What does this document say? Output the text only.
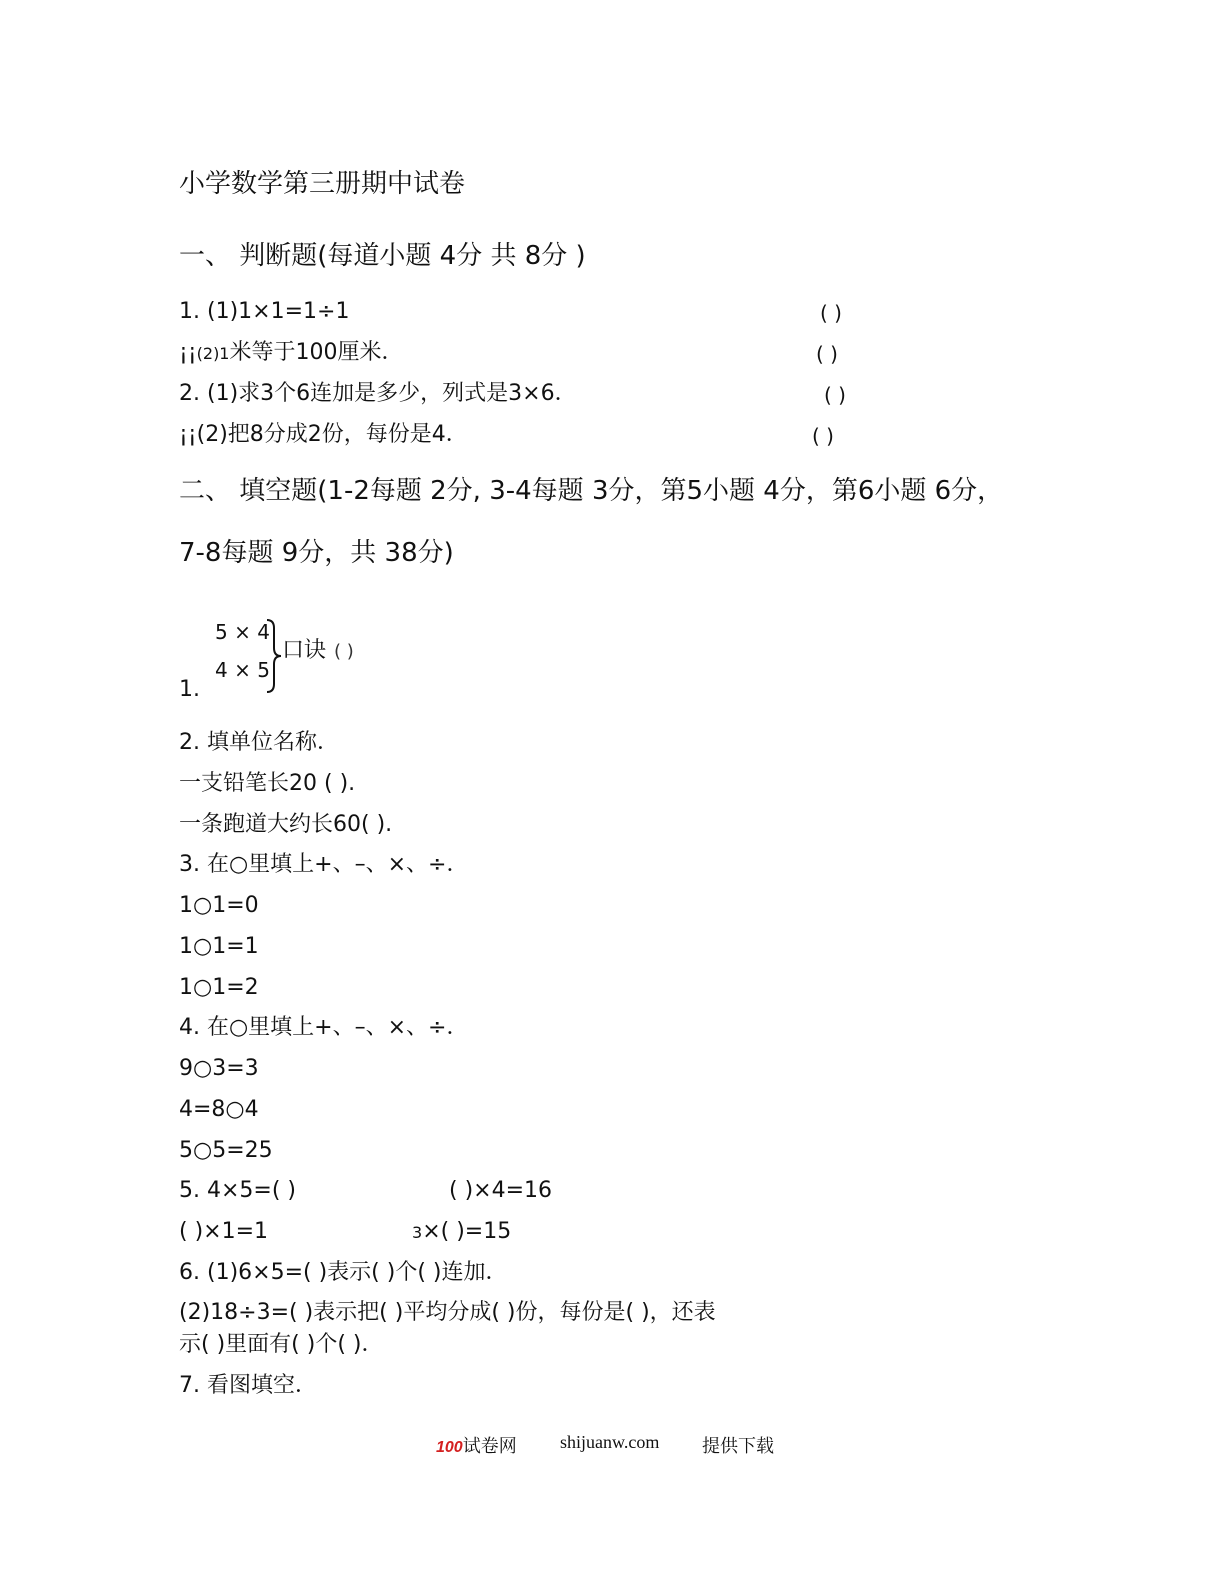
小学数学第三册期中试卷
一、 判断题(每道小题 4分 共 8分 )
1. (1)1×1=1÷1	( )
¡¡(2)1米等于100厘米．	( )
2. (1)求3个6连加是多少，列式是3×6．	( )
¡¡(2)把8分成2份，每份是4．	( )
二、 填空题(1-2每题 2分, 3-4每题 3分，第5小题 4分，第6小题 6分，
7-8每题 9分，共 38分)
1.
5 × 4
4 × 5
口诀 ( )
2. 填单位名称．
一支铅笔长20 ( ).
一条跑道大约长60( ).
3. 在○里填上+、–、×、÷．
1○1=0
1○1=1
1○1=2
4. 在○里填上+、–、×、÷．
9○3=3
4=8○4
5○5=25
5. 4×5=( )	( )×4=16
( )×1=1	3×( )=15
6. (1)6×5=( )表示( )个( )连加．
(2)18÷3=( )表示把( )平均分成( )份，每份是( )，还表
示( )里面有( )个( )．
7. 看图填空．
100试卷网 shijuanw.com 提供下载
